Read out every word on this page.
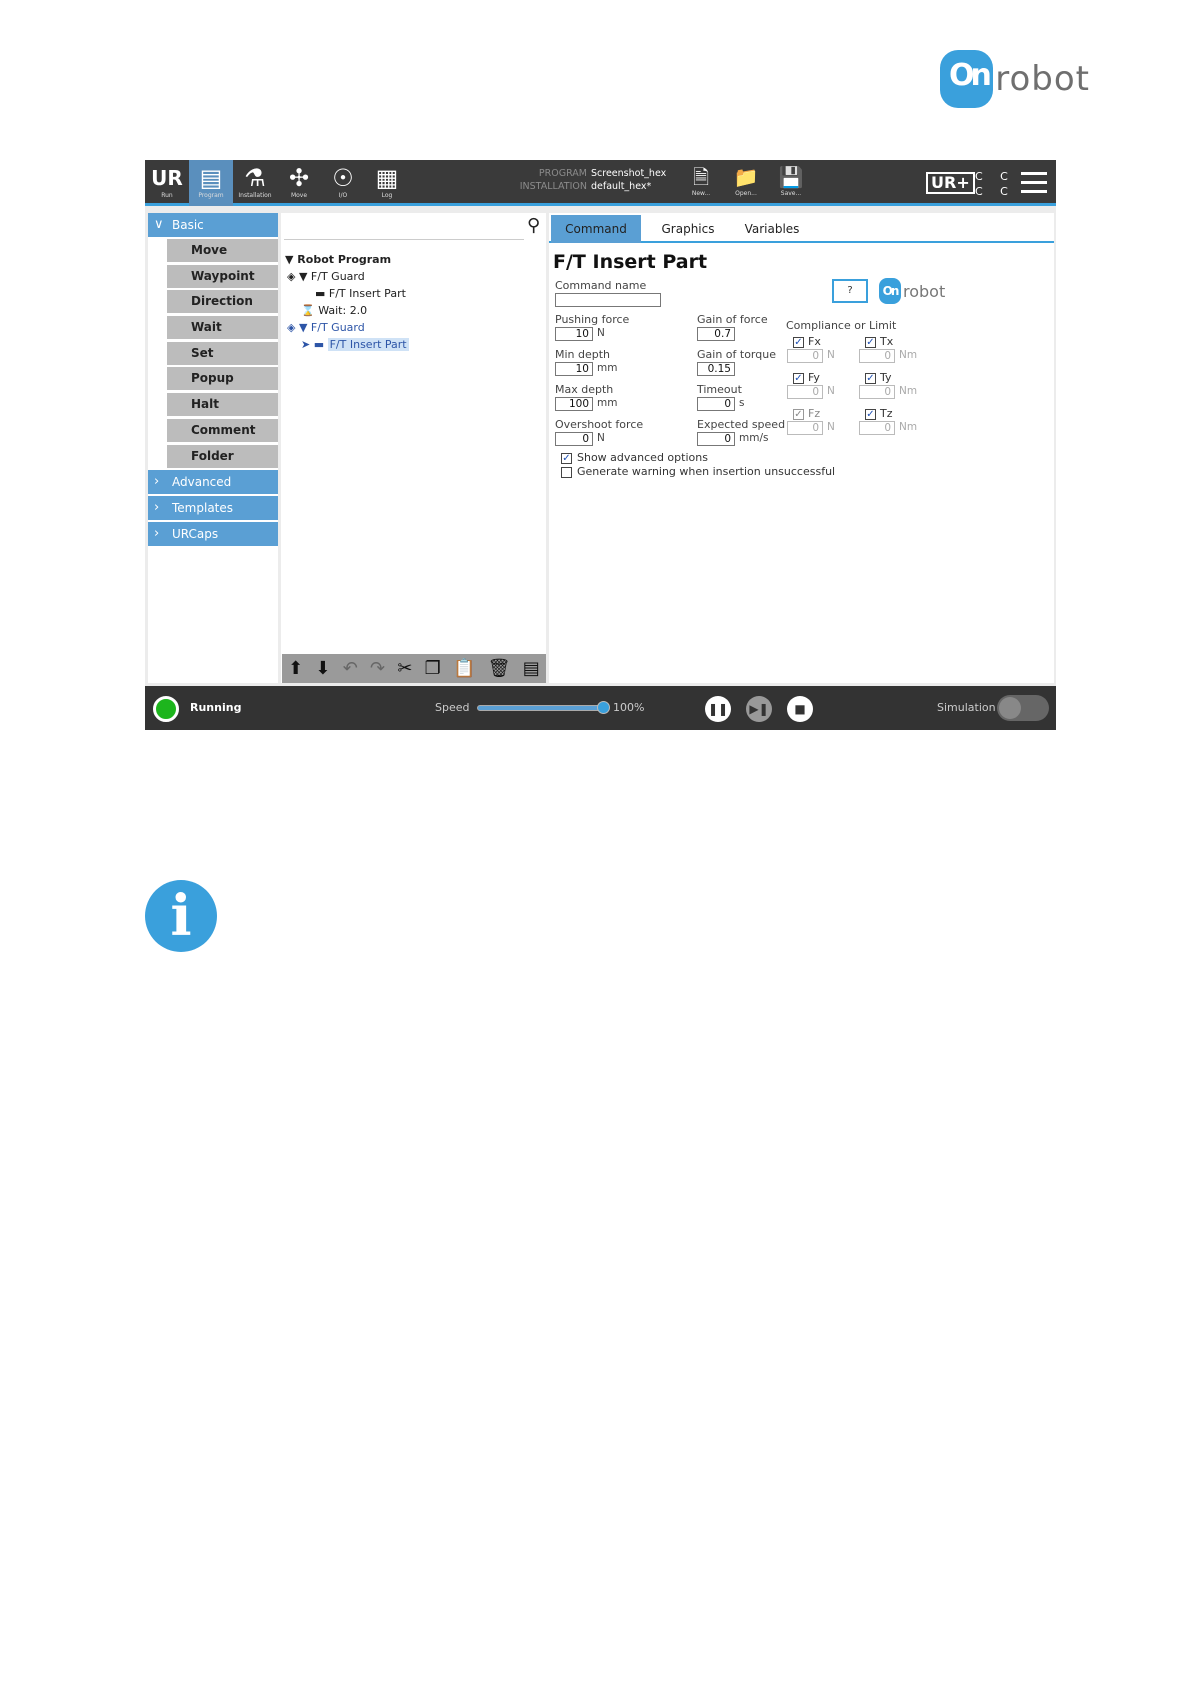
On robot
UR
Run
▤
Program
⚗
Installation
✣
Move
☉
I/O
▦
Log
PROGRAM Screenshot_hex
INSTALLATION default_hex*	🗎
New...
📁
Open...
💾
Save...
UR+ C C
C C
∨ Basic
Move
Waypoint
Direction
Wait
Set
Popup
Halt
Comment
Folder
› Advanced
› Templates
› URCaps
⚲
▼ Robot Program
◈ ▼ F/T Guard
▬ F/T Insert Part
⌛ Wait: 2.0
◈ ▼ F/T Guard
➤ ▬ F/T Insert Part
⬆ ⬇ ↶ ↷ ✂ ❐ 📋 🗑 ▤
Command	Graphics	Variables
F/T Insert Part
Command name	?	On robot
Pushing force
10 N
Min depth
10 mm
Max depth
100 mm
Overshoot force
0 N
Gain of force
0.7
Gain of torque
0.15
Timeout
0 s
Expected speed
0 mm/s
Compliance or Limit
✓ Fx
0 N
✓ Fy
0 N
✓ Fz
0 N
✓ Tx
0 Nm
✓ Ty
0 Nm
✓ Tz
0 Nm
✓ Show advanced options
Generate warning when insertion unsuccessful
Running	Speed	100%	❚❚ ▶❚	■	Simulation
i
